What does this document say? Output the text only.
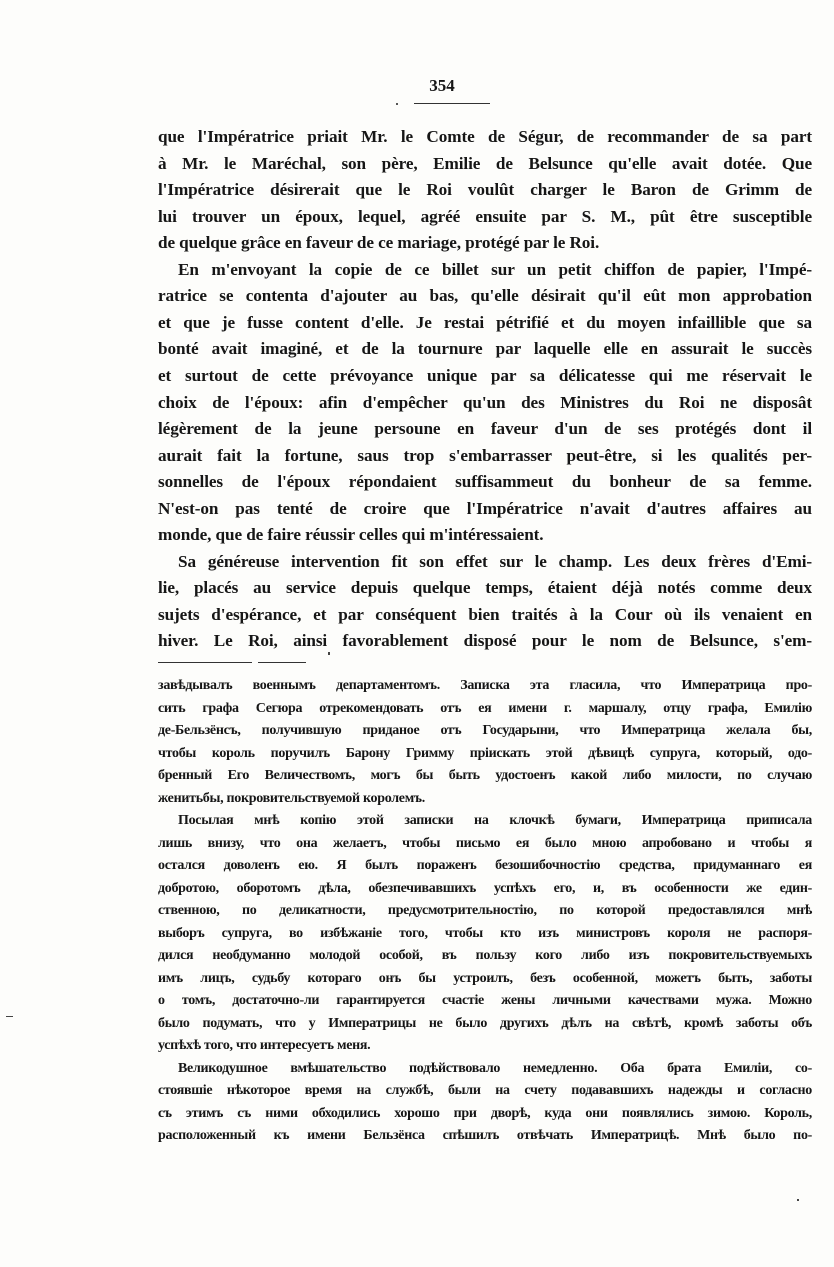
354
que l'Impératrice priait Mr. le Comte de Ségur, de recommander de sa part
à Mr. le Maréchal, son père, Emilie de Belsunce qu'elle avait dotée. Que
l'Impératrice désirerait que le Roi voulût charger le Baron de Grimm de
lui trouver un époux, lequel, agréé ensuite par S. M., pût être susceptible
de quelque grâce en faveur de ce mariage, protégé par le Roi.
En m'envoyant la copie de ce billet sur un petit chiffon de papier, l'Impé-
ratrice se contenta d'ajouter au bas, qu'elle désirait qu'il eût mon approbation
et que je fusse content d'elle. Je restai pétrifié et du moyen infaillible que sa
bonté avait imaginé, et de la tournure par laquelle elle en assurait le succès
et surtout de cette prévoyance unique par sa délicatesse qui me réservait le
choix de l'époux: afin d'empêcher qu'un des Ministres du Roi ne disposât
légèrement de la jeune persoune en faveur d'un de ses protégés dont il
aurait fait la fortune, saus trop s'embarrasser peut-être, si les qualités per-
sonnelles de l'époux répondaient suffisammeut du bonheur de sa femme.
N'est-on pas tenté de croire que l'Impératrice n'avait d'autres affaires au
monde, que de faire réussir celles qui m'intéressaient.
Sa généreuse intervention fit son effet sur le champ. Les deux frères d'Emi-
lie, placés au service depuis quelque temps, étaient déjà notés comme deux
sujets d'espérance, et par conséquent bien traités à la Cour où ils venaient en
hiver. Le Roi, ainsi favorablement disposé pour le nom de Belsunce, s'em-
завѣдывалъ военнымъ департаментомъ. Записка эта гласила, что Императрица про-
сить графа Сегюра отрекомендовать отъ ея имени г. маршалу, отцу графа, Емилію
де-Бельзёнсъ, получившую приданое отъ Государыни, что Императрица желала бы,
чтобы король поручилъ Барону Гримму пріискать этой дѣвицѣ супруга, который, одо-
бренный Его Величествомъ, могъ бы быть удостоенъ какой либо милости, по случаю
женитьбы, покровительствуемой королемъ.
Посылая мнѣ копію этой записки на клочкѣ бумаги, Императрица приписала
лишь внизу, что она желаетъ, чтобы письмо ея было мною апробовано и чтобы я
остался доволенъ ею. Я былъ пораженъ безошибочностію средства, придуманнаго ея
добротою, оборотомъ дѣла, обезпечивавшихъ успѣхъ его, и, въ особенности же един-
ственною, по деликатности, предусмотрительностію, по которой предоставлялся мнѣ
выборъ супруга, во избѣжаніе того, чтобы кто изъ министровъ короля не распоря-
дился необдуманно молодой особой, въ пользу кого либо изъ покровительствуемыхъ
имъ лицъ, судьбу котораго онъ бы устроилъ, безъ особенной, можетъ быть, заботы
о томъ, достаточно-ли гарантируется счастіе жены личными качествами мужа. Можно
было подумать, что у Императрицы не было другихъ дѣлъ на свѣтѣ, кромѣ заботы объ
успѣхѣ того, что интересуетъ меня.
Великодушное вмѣшательство подѣйствовало немедленно. Оба брата Емиліи, со-
стоявшіе нѣкоторое время на службѣ, были на счету подававшихъ надежды и согласно
съ этимъ съ ними обходились хорошо при дворѣ, куда они появлялись зимою. Король,
расположенный къ имени Бельзёнса спѣшилъ отвѣчать Императрицѣ. Мнѣ было по-
